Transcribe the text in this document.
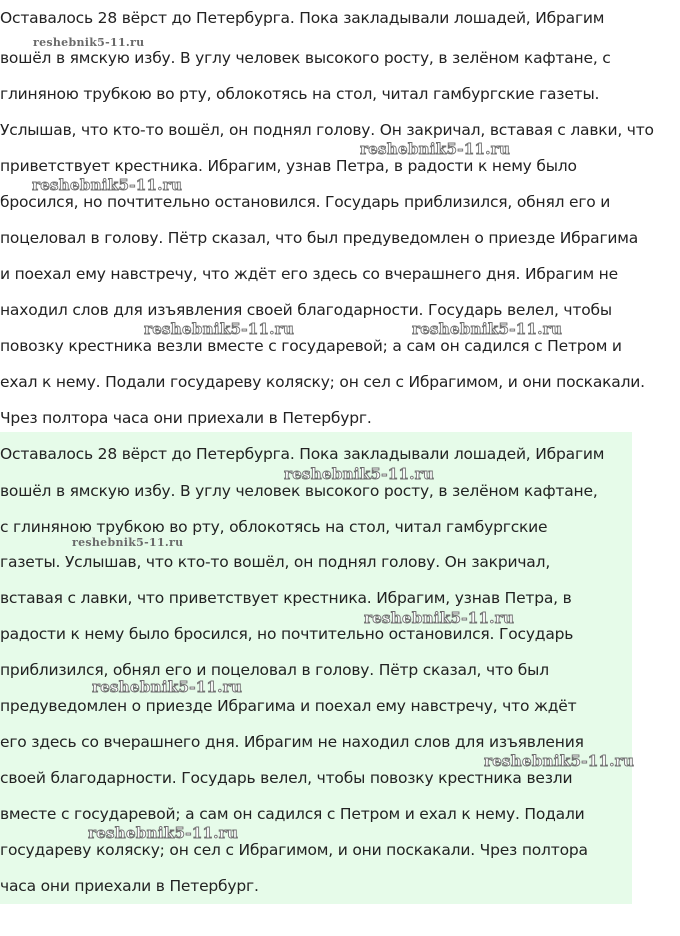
Оставалось 28 вёрст до Петербурга. Пока закладывали лошадей, Ибрагим
вошёл в ямскую избу. В углу человек высокого росту, в зелёном кафтане, с
глиняною трубкою во рту, облокотясь на стол, читал гамбургские газеты.
Услышав, что кто-то вошёл, он поднял голову. Он закричал, вставая с лавки, что
приветствует крестника. Ибрагим, узнав Петра, в радости к нему было
бросился, но почтительно остановился. Государь приблизился, обнял его и
поцеловал в голову. Пётр сказал, что был предуведомлен о приезде Ибрагима
и поехал ему навстречу, что ждёт его здесь со вчерашнего дня. Ибрагим не
находил слов для изъявления своей благодарности. Государь велел, чтобы
повозку крестника везли вместе с государевой; а сам он садился с Петром и
ехал к нему. Подали государеву коляску; он сел с Ибрагимом, и они поскакали.
Чрез полтора часа они приехали в Петербург.
Оставалось 28 вёрст до Петербурга. Пока закладывали лошадей, Ибрагим
вошёл в ямскую избу. В углу человек высокого росту, в зелёном кафтане,
с глиняною трубкою во рту, облокотясь на стол, читал гамбургские
газеты. Услышав, что кто-то вошёл, он поднял голову. Он закричал,
вставая с лавки, что приветствует крестника. Ибрагим, узнав Петра, в
радости к нему было бросился, но почтительно остановился. Государь
приблизился, обнял его и поцеловал в голову. Пётр сказал, что был
предуведомлен о приезде Ибрагима и поехал ему навстречу, что ждёт
его здесь со вчерашнего дня. Ибрагим не находил слов для изъявления
своей благодарности. Государь велел, чтобы повозку крестника везли
вместе с государевой; а сам он садился с Петром и ехал к нему. Подали
государеву коляску; он сел с Ибрагимом, и они поскакали. Чрез полтора
часа они приехали в Петербург.
reshebnik5-11.ru
reshebnik5-11.ru
reshebnik5-11.ru
reshebnik5-11.ru	reshebnik5-11.ru
reshebnik5-11.ru
reshebnik5-11.ru
reshebnik5-11.ru
reshebnik5-11.ru
reshebnik5-11.ru
reshebnik5-11.ru
